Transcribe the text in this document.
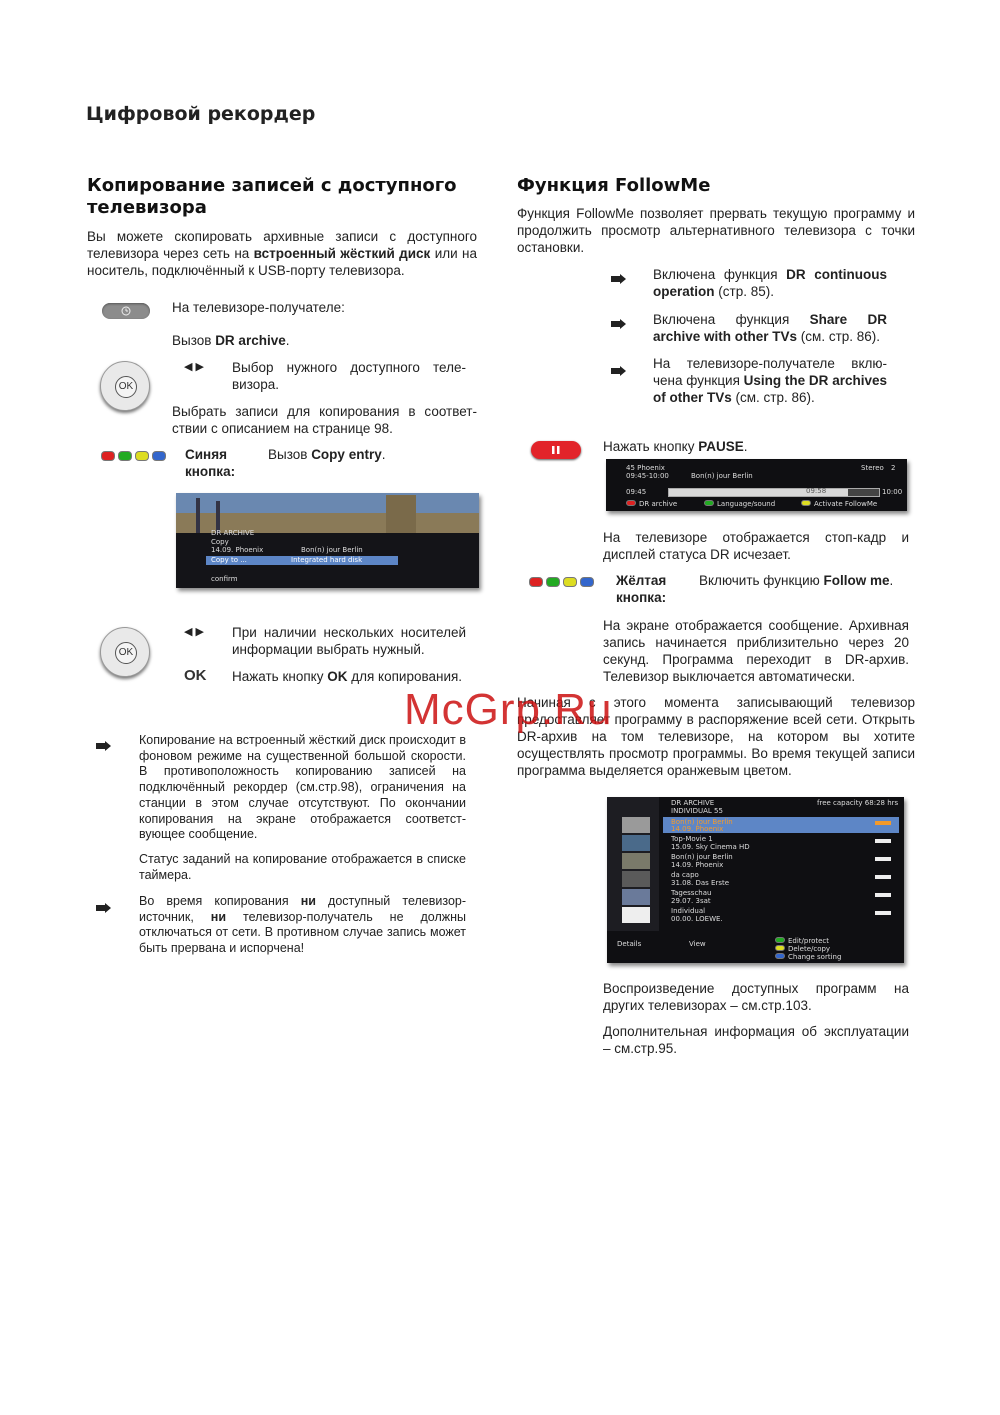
Цифровой рекордер
Копирование записей с доступного
телевизора
Вы можете скопировать архивные записи с доступного телевизора через сеть на встроенный жёсткий диск или на носитель, подключённый к USB-порту телевизора.
На телевизоре-получателе:
Вызов DR archive.
OK
◀ ▶ Выбор нужного доступного теле- визора.
Выбрать записи для копирования в соответ- ствии с описанием на странице 98.
Синяя
кнопка:
Вызов Copy entry.
DR ARCHIVE
Copy
14.09. Phoenix	Bon(n) jour Berlin
Copy to ...	Integrated hard disk
confirm
OK
◀ ▶ При наличии нескольких носителей информации выбрать нужный.
OK Нажать кнопку OK для копирования.
Копирование на встроенный жёсткий диск происходит в фоновом режиме на существенной большой скорости. В противоположность копированию записей на подключённый рекордер (см.стр.98), ограничения на станции в этом случае отсутствуют. По окончании копирования на экране отображается соответст-вующее сообщение.
Статус заданий на копирование отображается в списке таймера.
Во время копирования ни доступный телевизор- источник, ни телевизор-получатель не должны отключаться от сети. В противном случае запись может быть прервана и испорчена!
Функция FollowMe
Функция FollowMe позволяет прервать текущую программу и продолжить просмотр альтернативного телевизора с точки остановки.
Включена функция DR continuous operation (стр. 85).
Включена функция Share DR archive with other TVs (см. стр. 86).
На телевизоре-получателе вклю- чена функция Using the DR archives of other TVs (см. стр. 86).
Нажать кнопку PAUSE.
45 Phoenix
09:45-10:00	Bon(n) jour Berlin
Stereo 2
09:45	09:58	10:00
DR archive	Language/sound	Activate FollowMe
На телевизоре отображается стоп-кадр и дисплей статуса DR исчезает.
Жёлтая
кнопка:
Включить функцию Follow me.
На экране отображается сообщение. Архивная запись начинается приблизительно через 20 секунд. Программа переходит в DR-архив. Телевизор выключается автоматически.
Начиная с этого момента записывающий телевизор предоставляет программу в распоряжение всей сети. Открыть DR-архив на том телевизоре, на котором вы хотите осуществлять просмотр программы. Во время текущей записи программа выделяется оранжевым цветом.
DR ARCHIVE
INDIVIDUAL 55
free capacity 68:28 hrs
Bon(n) jour Berlin
14.09. Phoenix
Top-Movie 1
15.09. Sky Cinema HD
Bon(n) jour Berlin
14.09. Phoenix
da capo
31.08. Das Erste
Tagesschau
29.07. 3sat
Individual
00.00. LOEWE.
Details	View	Edit/protect
Delete/copy
Change sorting
Воспроизведение доступных программ на других телевизорах – см.стр.103.
Дополнительная информация об эксплуатации – см.стр.95.
McGrp.Ru
